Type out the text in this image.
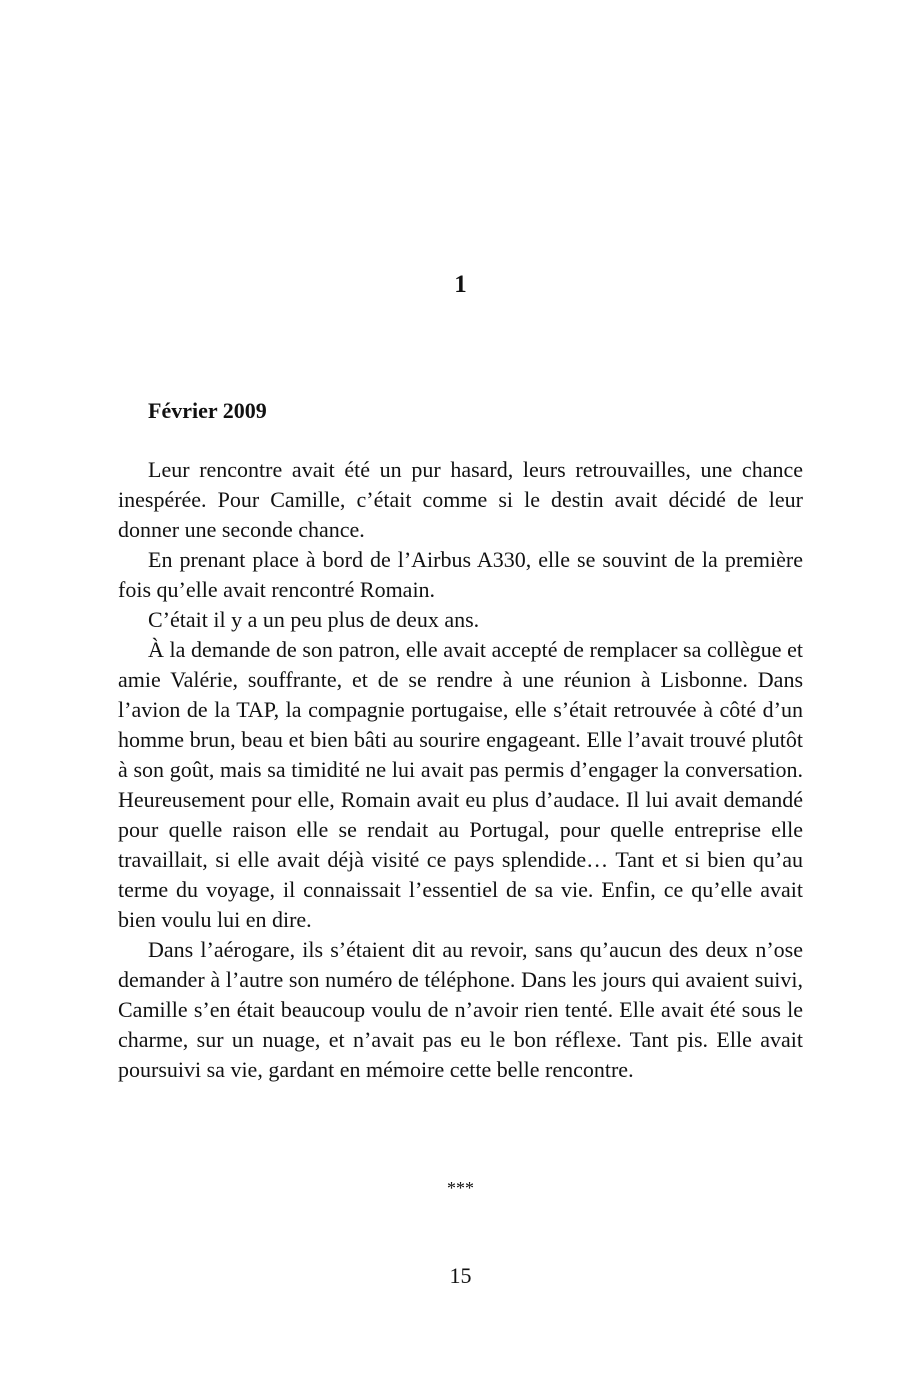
1
Février 2009

Leur rencontre avait été un pur hasard, leurs retrouvailles, une chance inespérée. Pour Camille, c’était comme si le destin avait décidé de leur donner une seconde chance.

En prenant place à bord de l’Airbus A330, elle se souvint de la première fois qu’elle avait rencontré Romain.

C’était il y a un peu plus de deux ans.

À la demande de son patron, elle avait accepté de remplacer sa collègue et amie Valérie, souffrante, et de se rendre à une réunion à Lisbonne. Dans l’avion de la TAP, la compagnie portugaise, elle s’était retrouvée à côté d’un homme brun, beau et bien bâti au sourire engageant. Elle l’avait trouvé plutôt à son goût, mais sa timidité ne lui avait pas permis d’engager la conversation. Heureusement pour elle, Romain avait eu plus d’audace. Il lui avait demandé pour quelle raison elle se rendait au Portugal, pour quelle entreprise elle travaillait, si elle avait déjà visité ce pays splendide… Tant et si bien qu’au terme du voyage, il connaissait l’essentiel de sa vie. Enfin, ce qu’elle avait bien voulu lui en dire.

Dans l’aérogare, ils s’étaient dit au revoir, sans qu’aucun des deux n’ose demander à l’autre son numéro de téléphone. Dans les jours qui avaient suivi, Camille s’en était beaucoup voulu de n’avoir rien tenté. Elle avait été sous le charme, sur un nuage, et n’avait pas eu le bon réflexe. Tant pis. Elle avait poursuivi sa vie, gardant en mémoire cette belle rencontre.

***
15
